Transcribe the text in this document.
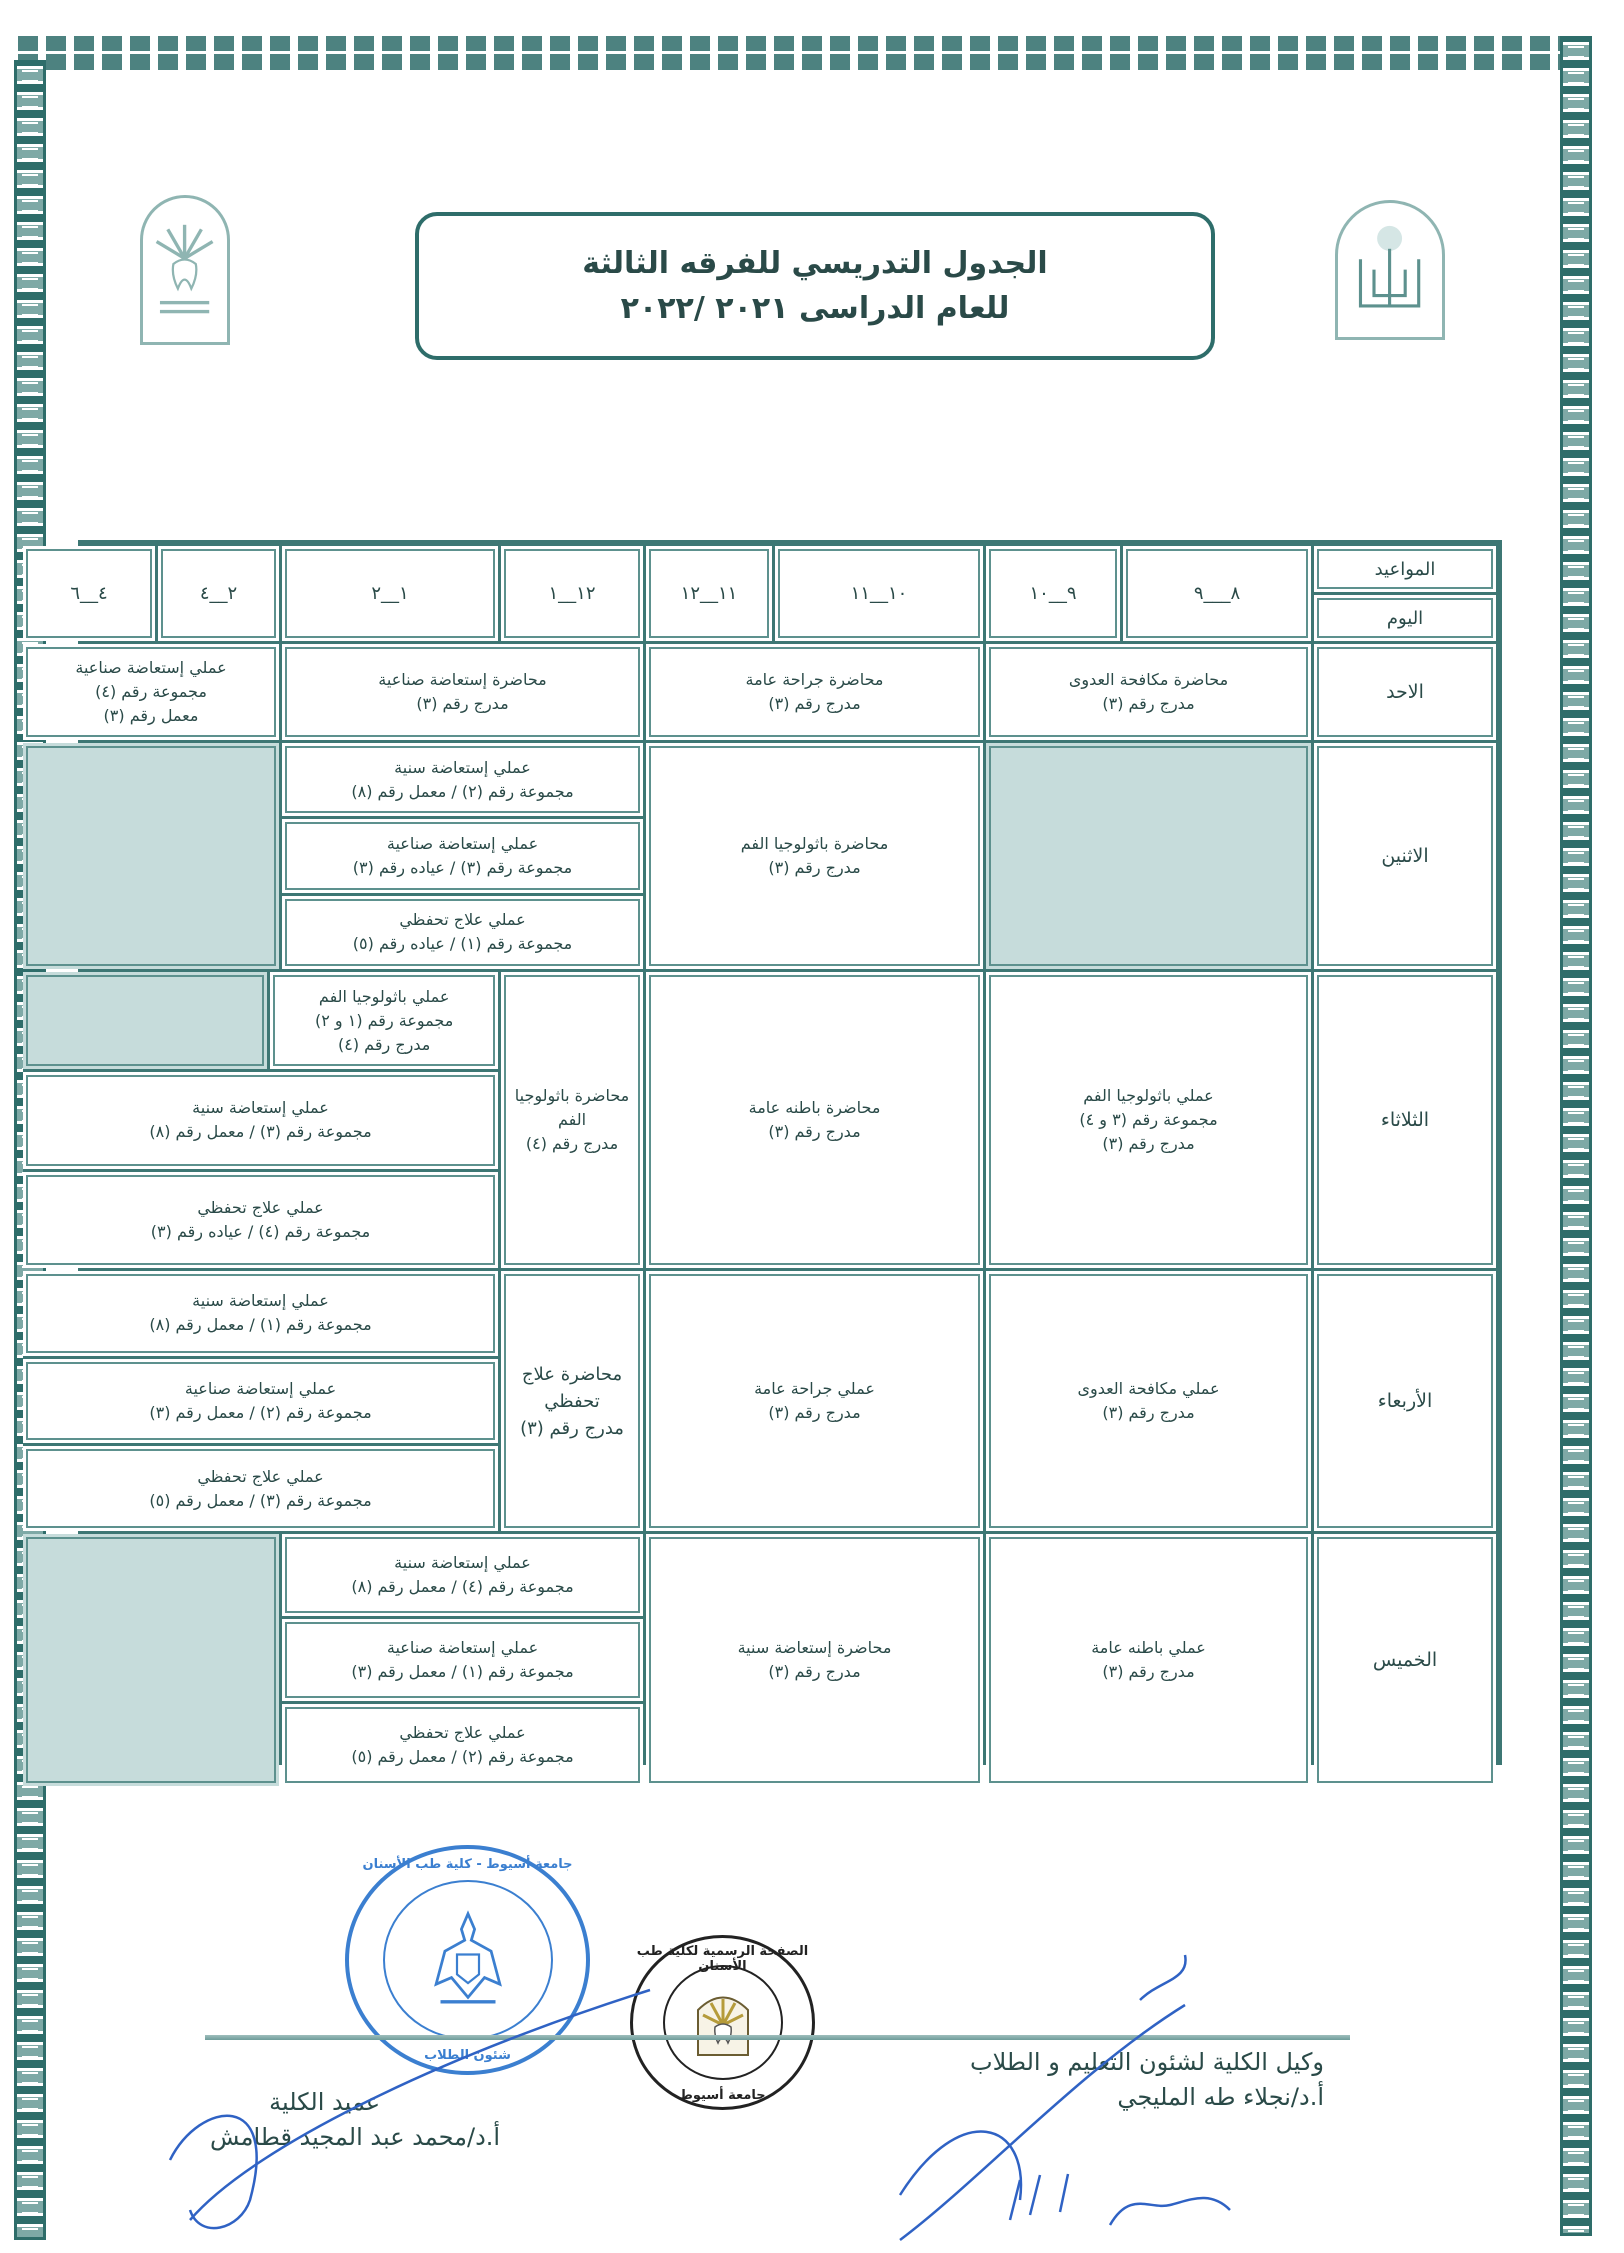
الجدول التدريسي للفرقه الثالثة
للعام الدراسى ٢٠٢١ /٢٠٢٢
المواعيد
اليوم
٨___٩
٩__١٠
١٠__١١
١١__١٢
١٢__١
١__٢
٢__٤
٤__٦
الاحد
محاضرة مكافحة العدوى
مدرج رقم (٣)
محاضرة جراحة عامة
مدرج رقم (٣)
محاضرة إستعاضة صناعية
مدرج رقم (٣)
عملي إستعاضة صناعية
مجموعة رقم (٤)
معمل رقم (٣)
الاثنين
محاضرة باثولوجيا الفم
مدرج رقم (٣)
عملي إستعاضة سنية
مجموعة رقم (٢) / معمل رقم (٨)
عملي إستعاضة صناعية
مجموعة رقم (٣) / عياده رقم (٣)
عملي علاج تحفظي
مجموعة رقم (١) / عياده رقم (٥)
الثلاثاء
عملي باثولوجيا الفم
مجموعة رقم (٣ و ٤)
مدرج رقم (٣)
محاضرة باطنه عامة
مدرج رقم (٣)
محاضرة باثولوجيا الفم
مدرج رقم (٤)
عملي باثولوجيا الفم
مجموعة رقم (١ و ٢)
مدرج رقم (٤)
عملي إستعاضة سنية
مجموعة رقم (٣) / معمل رقم (٨)
عملي علاج تحفظي
مجموعة رقم (٤) / عياده رقم (٣)
الأربعاء
عملي مكافحة العدوى
مدرج رقم (٣)
عملي جراحة عامة
مدرج رقم (٣)
محاضرة علاج تحفظي
مدرج رقم (٣)
عملي إستعاضة سنية
مجموعة رقم (١) / معمل رقم (٨)
عملي إستعاضة صناعية
مجموعة رقم (٢) / معمل رقم (٣)
عملي علاج تحفظي
مجموعة رقم (٣) / معمل رقم (٥)
الخميس
عملي باطنه عامة
مدرج رقم (٣)
محاضرة إستعاضة سنية
مدرج رقم (٣)
عملي إستعاضة سنية
مجموعة رقم (٤) / معمل رقم (٨)
عملي إستعاضة صناعية
مجموعة رقم (١) / معمل رقم (٣)
عملي علاج تحفظي
مجموعة رقم (٢) / معمل رقم (٥)
جامعة أسيوط - كلية طب الأسنان
شئون الطلاب
الصفحة الرسمية لكلية طب الأسنان
جامعة أسيوط
وكيل الكلية لشئون التعليم و الطلاب
أ.د/نجلاء طه المليجي
عميد الكلية
أ.د/محمد عبد المجيد قطامش
